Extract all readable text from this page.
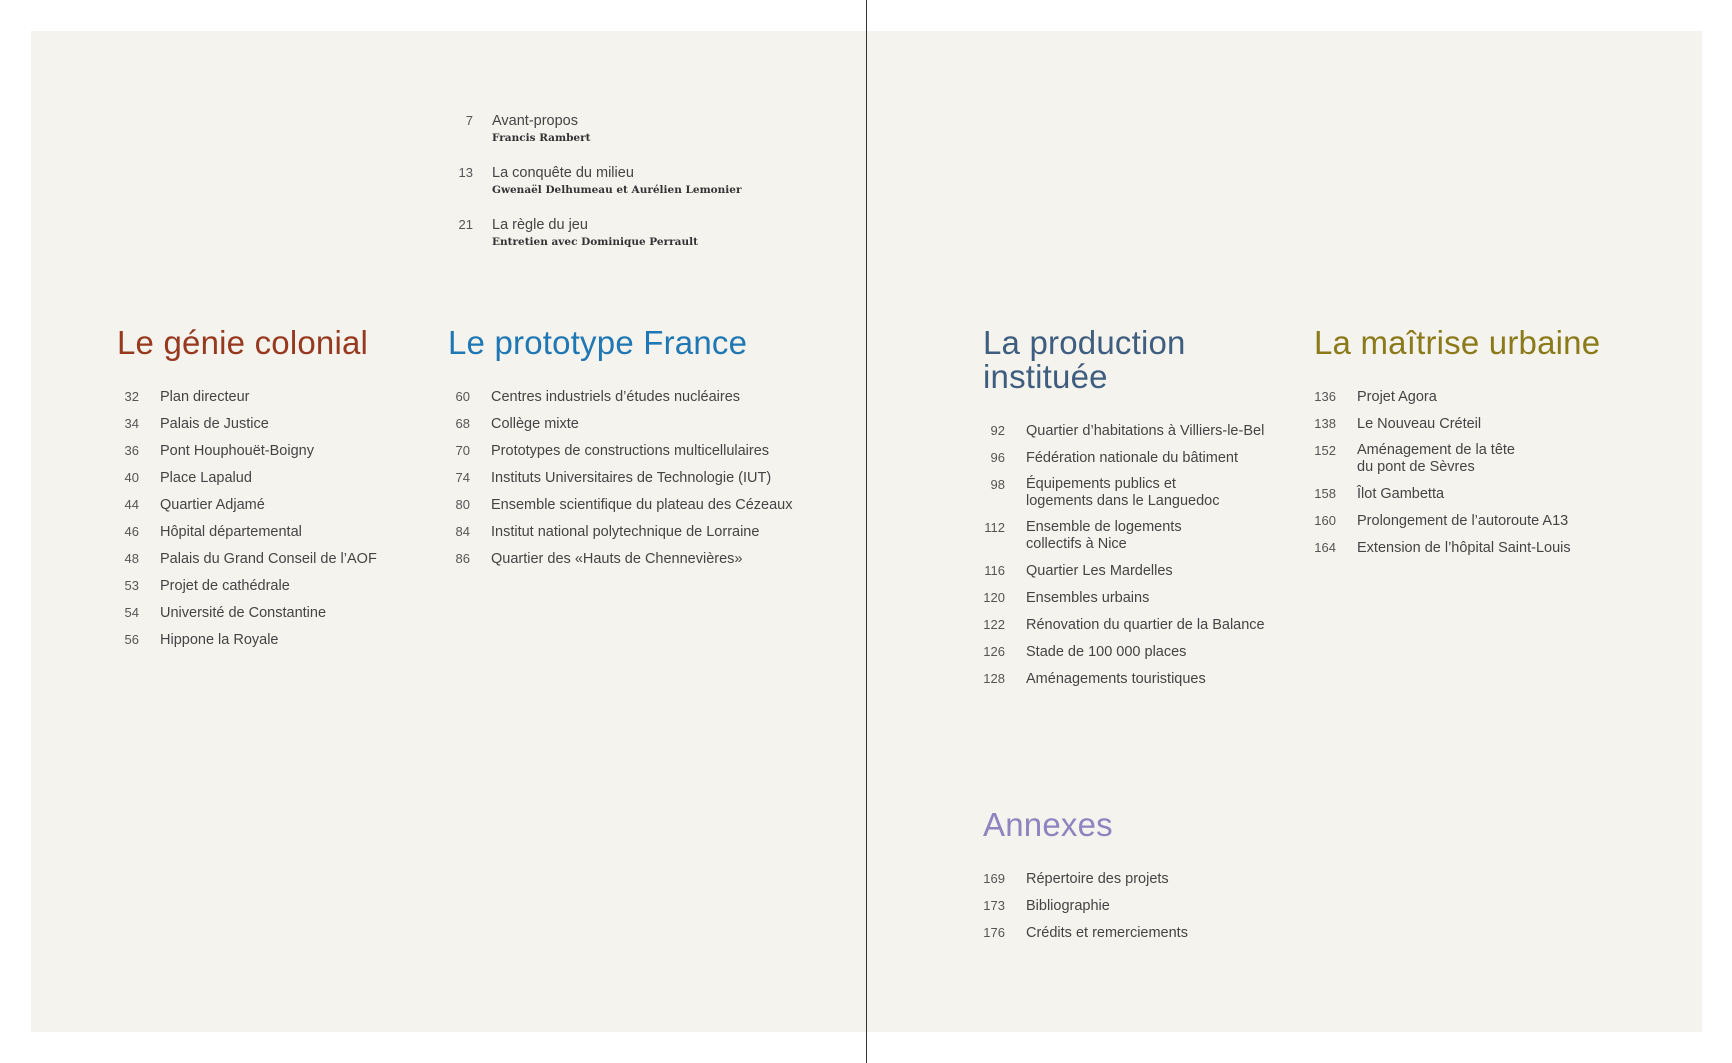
7 Avant-propos
Francis Rambert
13 La conquête du milieu
Gwenaël Delhumeau et Aurélien Lemonier
21 La règle du jeu
Entretien avec Dominique Perrault
Le génie colonial
32 Plan directeur
34 Palais de Justice
36 Pont Houphouët-Boigny
40 Place Lapalud
44 Quartier Adjamé
46 Hôpital départemental
48 Palais du Grand Conseil de l’AOF
53 Projet de cathédrale
54 Université de Constantine
56 Hippone la Royale
Le prototype France
60 Centres industriels d’études nucléaires
68 Collège mixte
70 Prototypes de constructions multicellulaires
74 Instituts Universitaires de Technologie (IUT)
80 Ensemble scientifique du plateau des Cézeaux
84 Institut national polytechnique de Lorraine
86 Quartier des «Hauts de Chennevières»
La production
instituée
92 Quartier d’habitations à Villiers-le-Bel
96 Fédération nationale du bâtiment
98 Équipements publics et
logements dans le Languedoc
112 Ensemble de logements
collectifs à Nice
116 Quartier Les Mardelles
120 Ensembles urbains
122 Rénovation du quartier de la Balance
126 Stade de 100 000 places
128 Aménagements touristiques
La maîtrise urbaine
136 Projet Agora
138 Le Nouveau Créteil
152 Aménagement de la tête
du pont de Sèvres
158 Îlot Gambetta
160 Prolongement de l’autoroute A13
164 Extension de l’hôpital Saint-Louis
Annexes
169 Répertoire des projets
173 Bibliographie
176 Crédits et remerciements
